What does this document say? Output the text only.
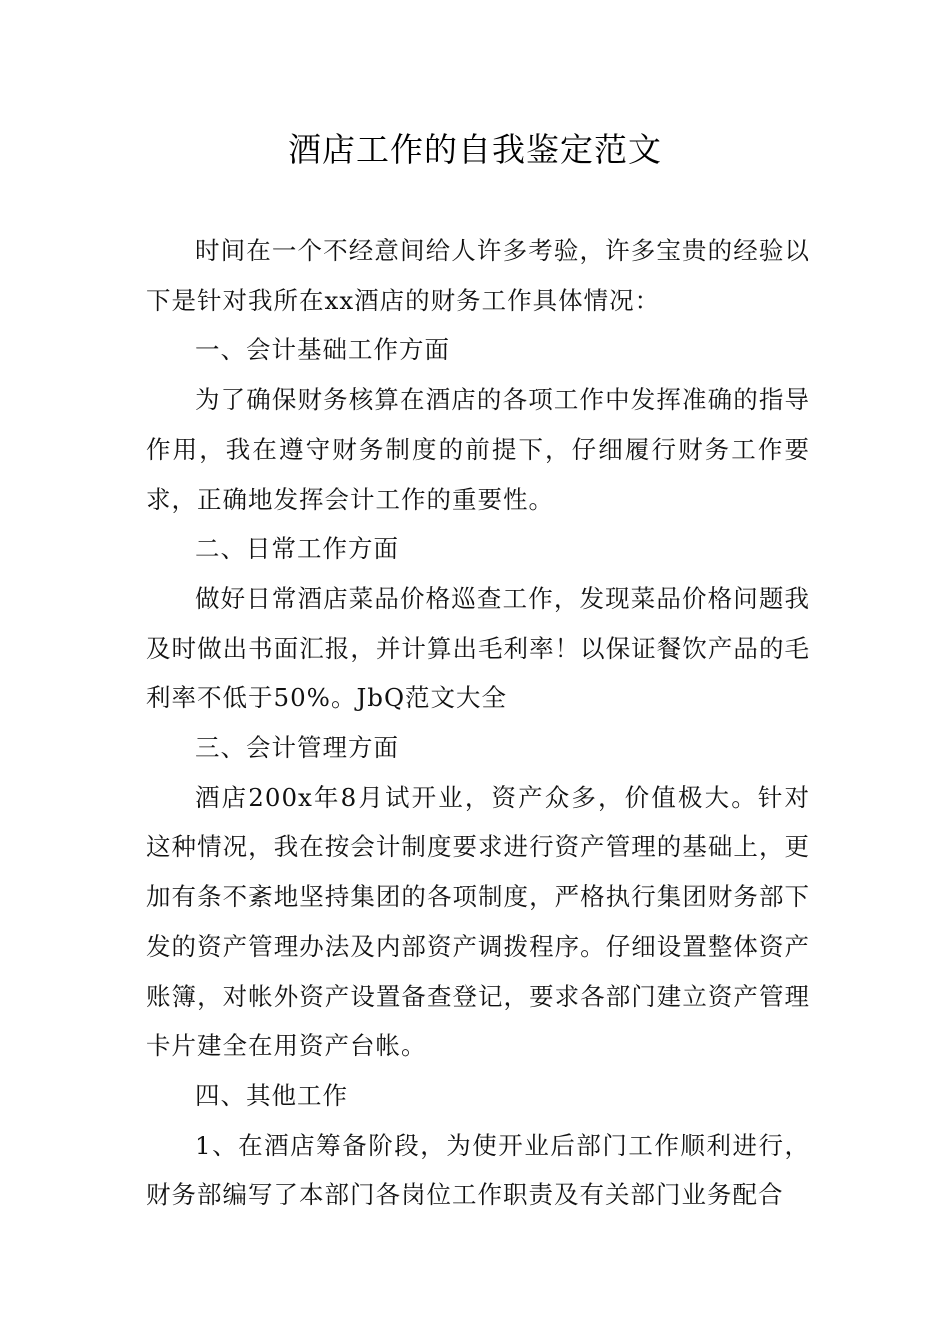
酒店工作的自我鉴定范文

时间在一个不经意间给人许多考验，许多宝贵的经验以下是针对我所在xx酒店的财务工作具体情况：

一、会计基础工作方面

为了确保财务核算在酒店的各项工作中发挥准确的指导作用，我在遵守财务制度的前提下，仔细履行财务工作要求，正确地发挥会计工作的重要性。

二、日常工作方面

做好日常酒店菜品价格巡查工作，发现菜品价格问题我及时做出书面汇报，并计算出毛利率！以保证餐饮产品的毛利率不低于50%。JbQ范文大全

三、会计管理方面

酒店200x年8月试开业，资产众多，价值极大。针对这种情况，我在按会计制度要求进行资产管理的基础上，更加有条不紊地坚持集团的各项制度，严格执行集团财务部下发的资产管理办法及内部资产调拨程序。仔细设置整体资产账簿，对帐外资产设置备查登记，要求各部门建立资产管理卡片建全在用资产台帐。

四、其他工作

1、在酒店筹备阶段，为使开业后部门工作顺利进行，财务部编写了本部门各岗位工作职责及有关部门业务配合
